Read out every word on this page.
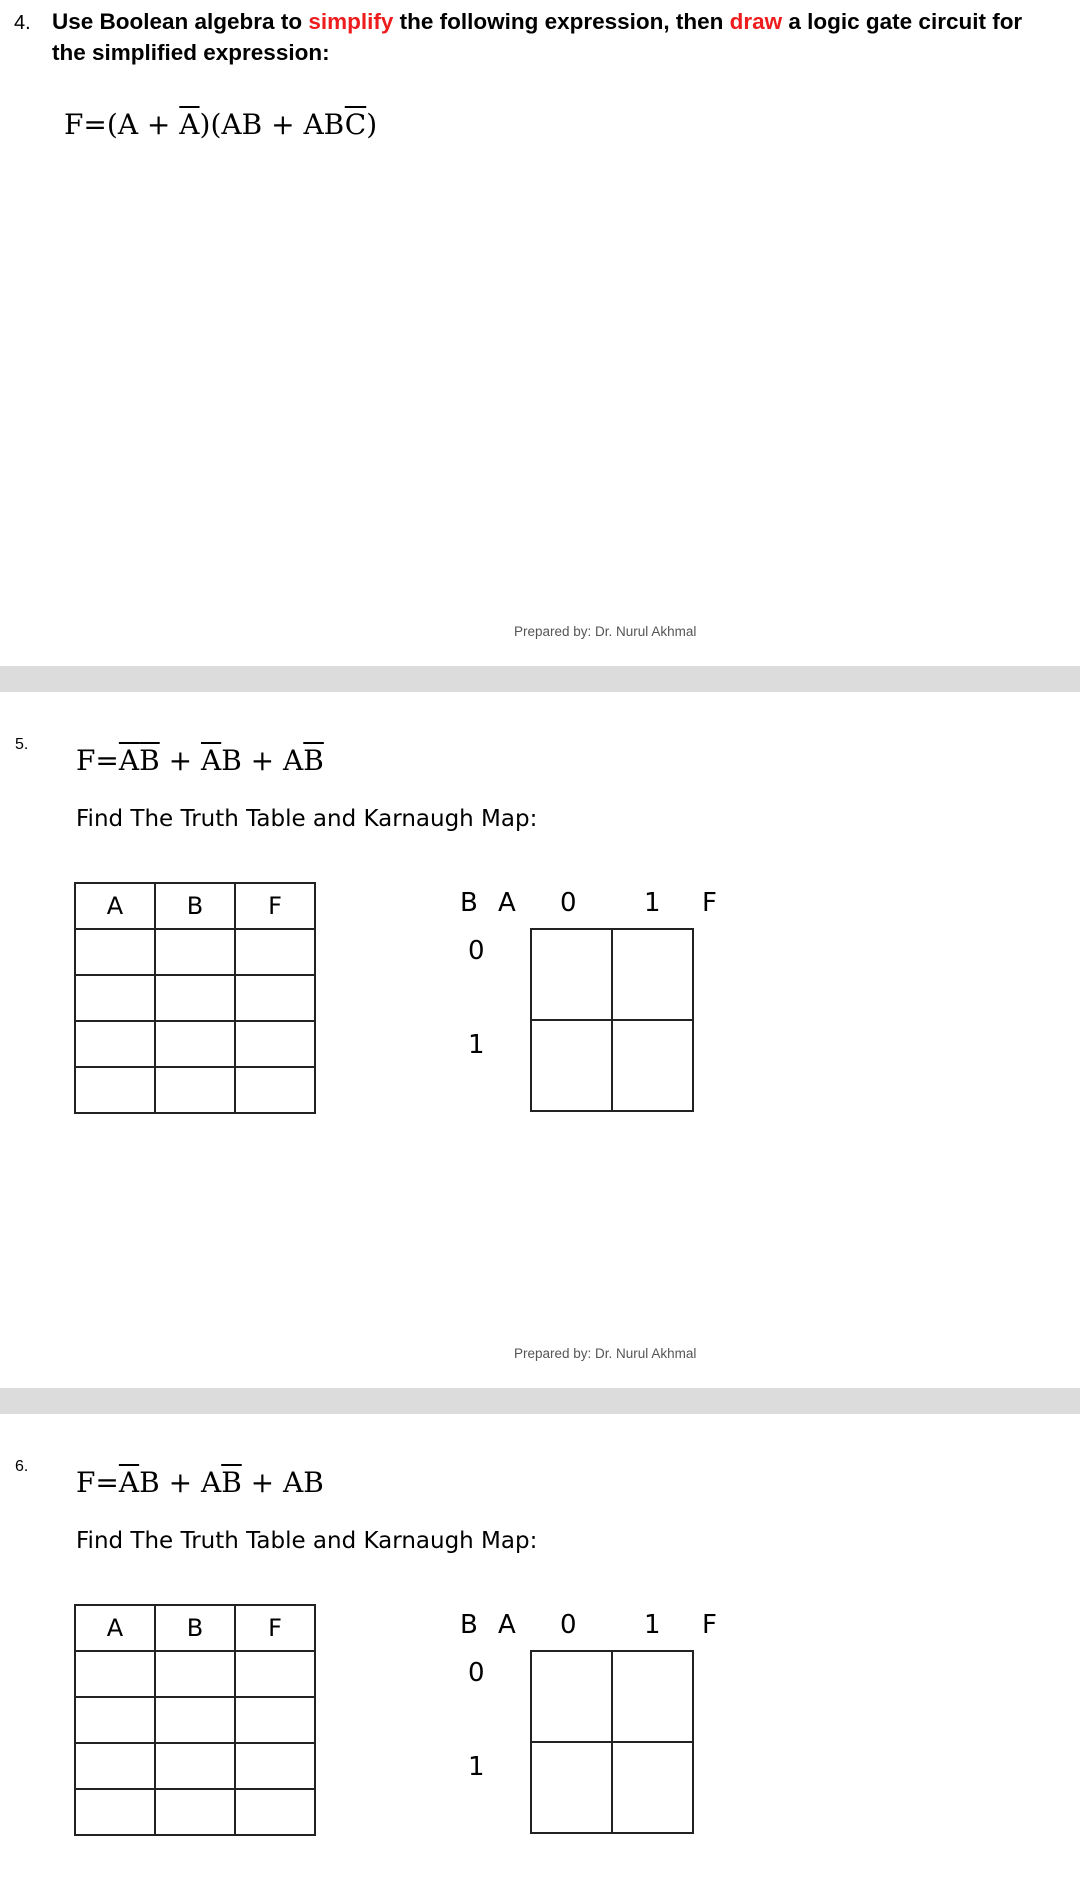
4. Use Boolean algebra to simplify the following expression, then draw a logic gate circuit for the simplified expression:
$F=(A + \overline{A})(AB + AB\overline{C})$
Prepared by: Dr. Nurul Akhmal
5. $F=\overline{A}\overline{B} + \overline{A}B + A\overline{B}$
Find The Truth Table and Karnaugh Map:
A	B	F

			B A 0	1 F
0
1

Prepared by: Dr. Nurul Akhmal
6. $F=\overline{A}B + A\overline{B}$ + AB
Find The Truth Table and Karnaugh Map:
A	B	F

			B A 0	1 F
0
1
